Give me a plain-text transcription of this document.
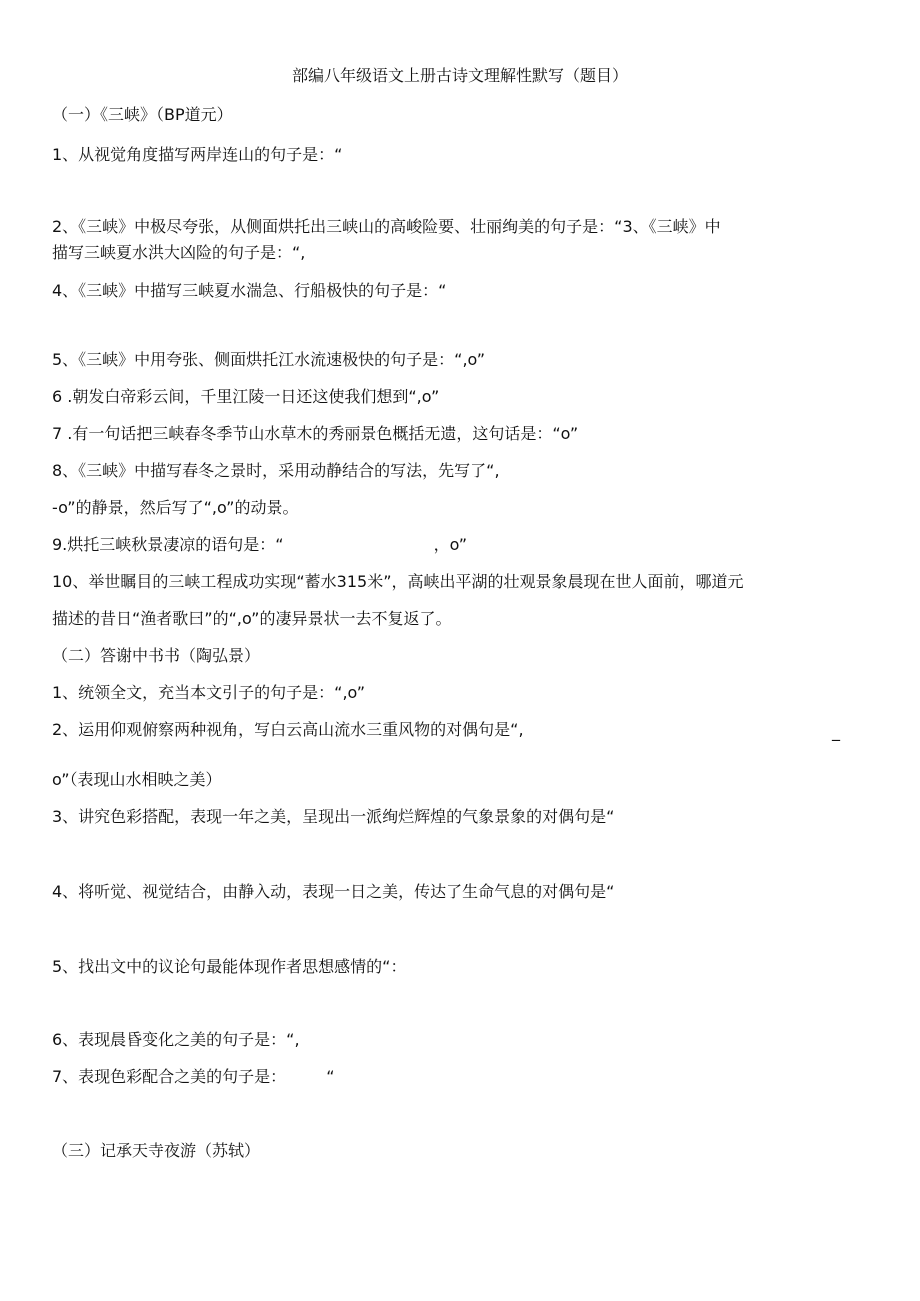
部编八年级语文上册古诗文理解性默写（题目）
（一）《三峡》（BP道元）
1、从视觉角度描写两岸连山的句子是：“
2、《三峡》中极尽夸张，从侧面烘托出三峡山的高峻险要、壮丽绚美的句子是：“3、《三峡》中
描写三峡夏水洪大凶险的句子是：“,
4、《三峡》中描写三峡夏水湍急、行船极快的句子是：“
5、《三峡》中用夸张、侧面烘托江水流速极快的句子是：“,o”
6 .朝发白帝彩云间，千里江陵一日还这使我们想到“,o”
7 .有一句话把三峡春冬季节山水草木的秀丽景色概括无遗，这句话是：“o”
8、《三峡》中描写春冬之景时，采用动静结合的写法，先写了“,
-o”的静景，然后写了“,o”的动景。
9.烘托三峡秋景凄凉的语句是：“	，o”
10、举世瞩目的三峡工程成功实现“蓄水315米”，高峡出平湖的壮观景象晨现在世人面前，哪道元
描述的昔日“渔者歌曰”的“,o”的凄异景状一去不复返了。
（二）答谢中书书（陶弘景）
1、统领全文，充当本文引子的句子是：“,o”
2、运用仰观俯察两种视角，写白云高山流水三重风物的对偶句是“,	_
o”（表现山水相映之美）
3、讲究色彩搭配，表现一年之美，呈现出一派绚烂辉煌的气象景象的对偶句是“
4、将听觉、视觉结合，由静入动，表现一日之美，传达了生命气息的对偶句是“
5、找出文中的议论句最能体现作者思想感情的“：
6、表现晨昏变化之美的句子是：“,
7、表现色彩配合之美的句子是：	“
（三）记承天寺夜游（苏轼）
